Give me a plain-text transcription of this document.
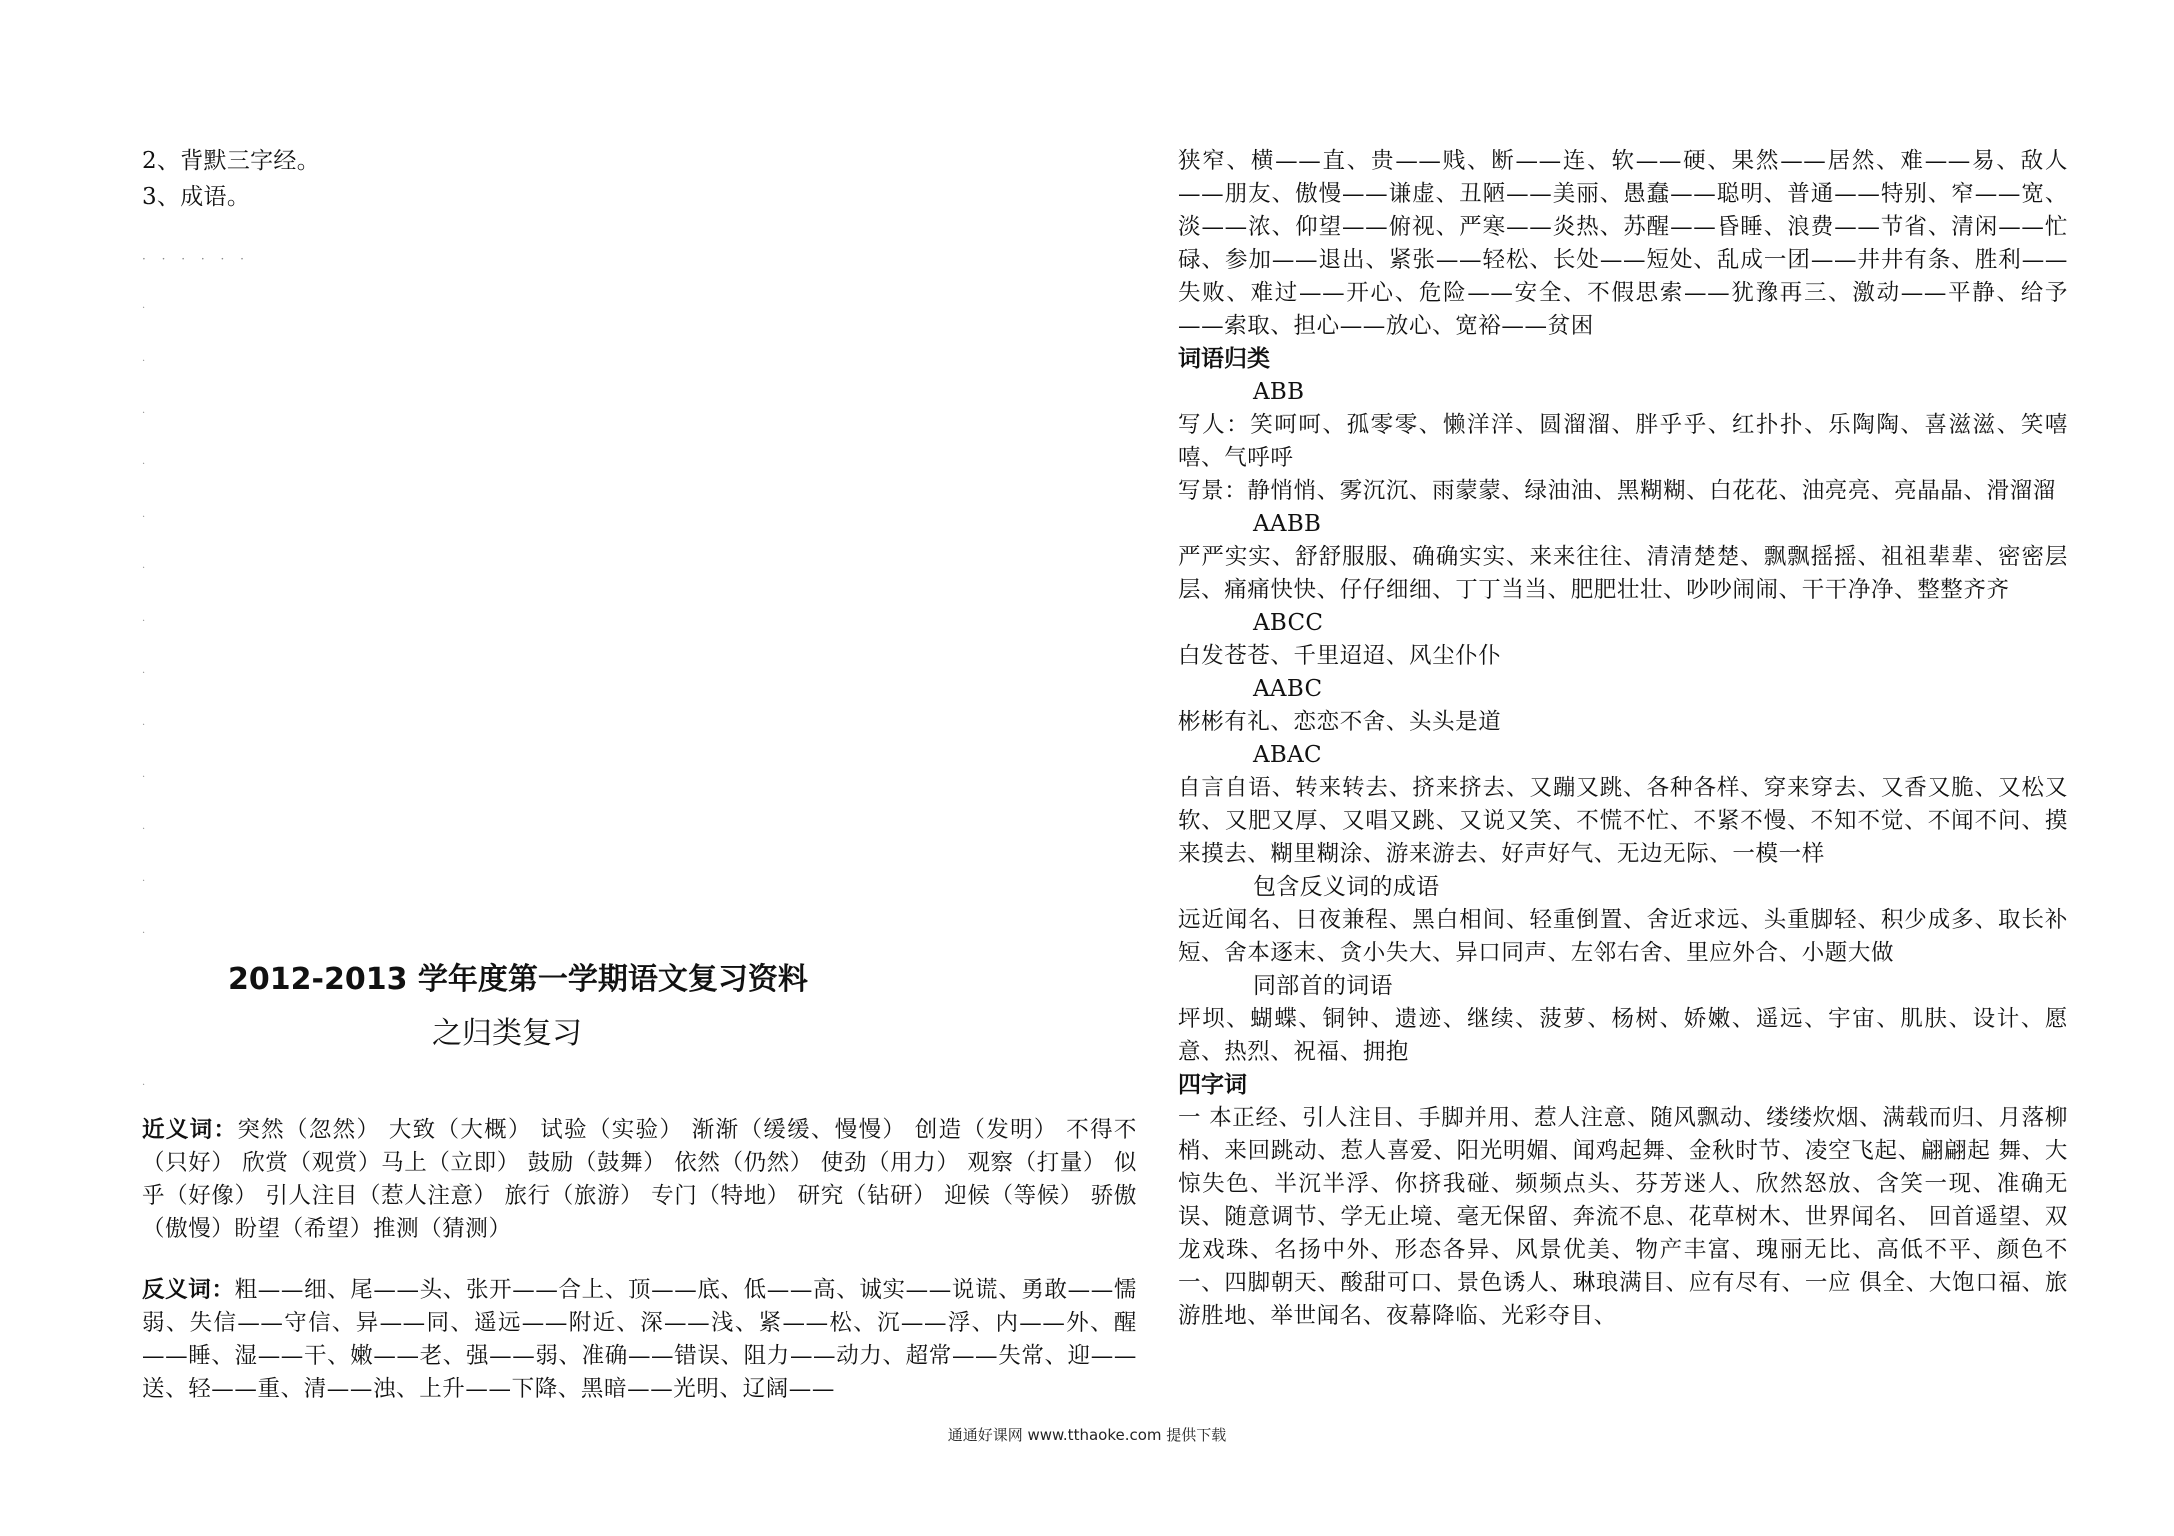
2、背默三字经。
3、成语。
· · · · · ·
·
·
·
·
·
·
·
·
·
·
·
·
·
·
2012-2013 学年度第一学期语文复习资料
之归类复习
近义词：突然（忽然） 大致（大概） 试验（实验） 渐渐（缓缓、慢慢） 创造（发明） 不得不（只好） 欣赏（观赏）马上（立即） 鼓励（鼓舞） 依然（仍然） 使劲（用力） 观察（打量） 似乎（好像） 引人注目（惹人注意） 旅行（旅游） 专门（特地） 研究（钻研） 迎候（等候） 骄傲（傲慢）盼望（希望）推测（猜测）
反义词：粗——细、尾——头、张开——合上、顶——底、低——高、诚实——说谎、勇敢——懦弱、失信——守信、异——同、遥远——附近、深——浅、紧——松、沉——浮、内——外、醒——睡、湿——干、嫩——老、强——弱、准确——错误、阻力——动力、超常——失常、迎——送、轻——重、清——浊、上升——下降、黑暗——光明、辽阔——
狭窄、横——直、贵——贱、断——连、软——硬、果然——居然、难——易、敌人——朋友、傲慢——谦虚、丑陋——美丽、愚蠢——聪明、普通——特别、窄——宽、淡——浓、仰望——俯视、严寒——炎热、苏醒——昏睡、浪费——节省、清闲——忙碌、参加——退出、紧张——轻松、长处——短处、乱成一团——井井有条、胜利——失败、难过——开心、危险——安全、不假思索——犹豫再三、激动——平静、给予——索取、担心——放心、宽裕——贫困
词语归类
ABB
写人：笑呵呵、孤零零、懒洋洋、圆溜溜、胖乎乎、红扑扑、乐陶陶、喜滋滋、笑嘻嘻、气呼呼
写景：静悄悄、雾沉沉、雨蒙蒙、绿油油、黑糊糊、白花花、油亮亮、亮晶晶、滑溜溜
AABB
严严实实、舒舒服服、确确实实、来来往往、清清楚楚、飘飘摇摇、祖祖辈辈、密密层层、痛痛快快、仔仔细细、丁丁当当、肥肥壮壮、吵吵闹闹、干干净净、整整齐齐
ABCC
白发苍苍、千里迢迢、风尘仆仆
AABC
彬彬有礼、恋恋不舍、头头是道
ABAC
自言自语、转来转去、挤来挤去、又蹦又跳、各种各样、穿来穿去、又香又脆、又松又软、又肥又厚、又唱又跳、又说又笑、不慌不忙、不紧不慢、不知不觉、不闻不问、摸来摸去、糊里糊涂、游来游去、好声好气、无边无际、一模一样
包含反义词的成语
远近闻名、日夜兼程、黑白相间、轻重倒置、舍近求远、头重脚轻、积少成多、取长补短、舍本逐末、贪小失大、异口同声、左邻右舍、里应外合、小题大做
同部首的词语
坪坝、蝴蝶、铜钟、遗迹、继续、菠萝、杨树、娇嫩、遥远、宇宙、肌肤、设计、愿意、热烈、祝福、拥抱
四字词
一 本正经、引人注目、手脚并用、惹人注意、随风飘动、缕缕炊烟、满载而归、月落柳梢、来回跳动、惹人喜爱、阳光明媚、闻鸡起舞、金秋时节、凌空飞起、翩翩起 舞、大惊失色、半沉半浮、你挤我碰、频频点头、芬芳迷人、欣然怒放、含笑一现、准确无误、随意调节、学无止境、毫无保留、奔流不息、花草树木、世界闻名、 回首遥望、双龙戏珠、名扬中外、形态各异、风景优美、物产丰富、瑰丽无比、高低不平、颜色不一、四脚朝天、酸甜可口、景色诱人、琳琅满目、应有尽有、一应 俱全、大饱口福、旅游胜地、举世闻名、夜幕降临、光彩夺目、
通通好课网 www.tthaoke.com 提供下载
